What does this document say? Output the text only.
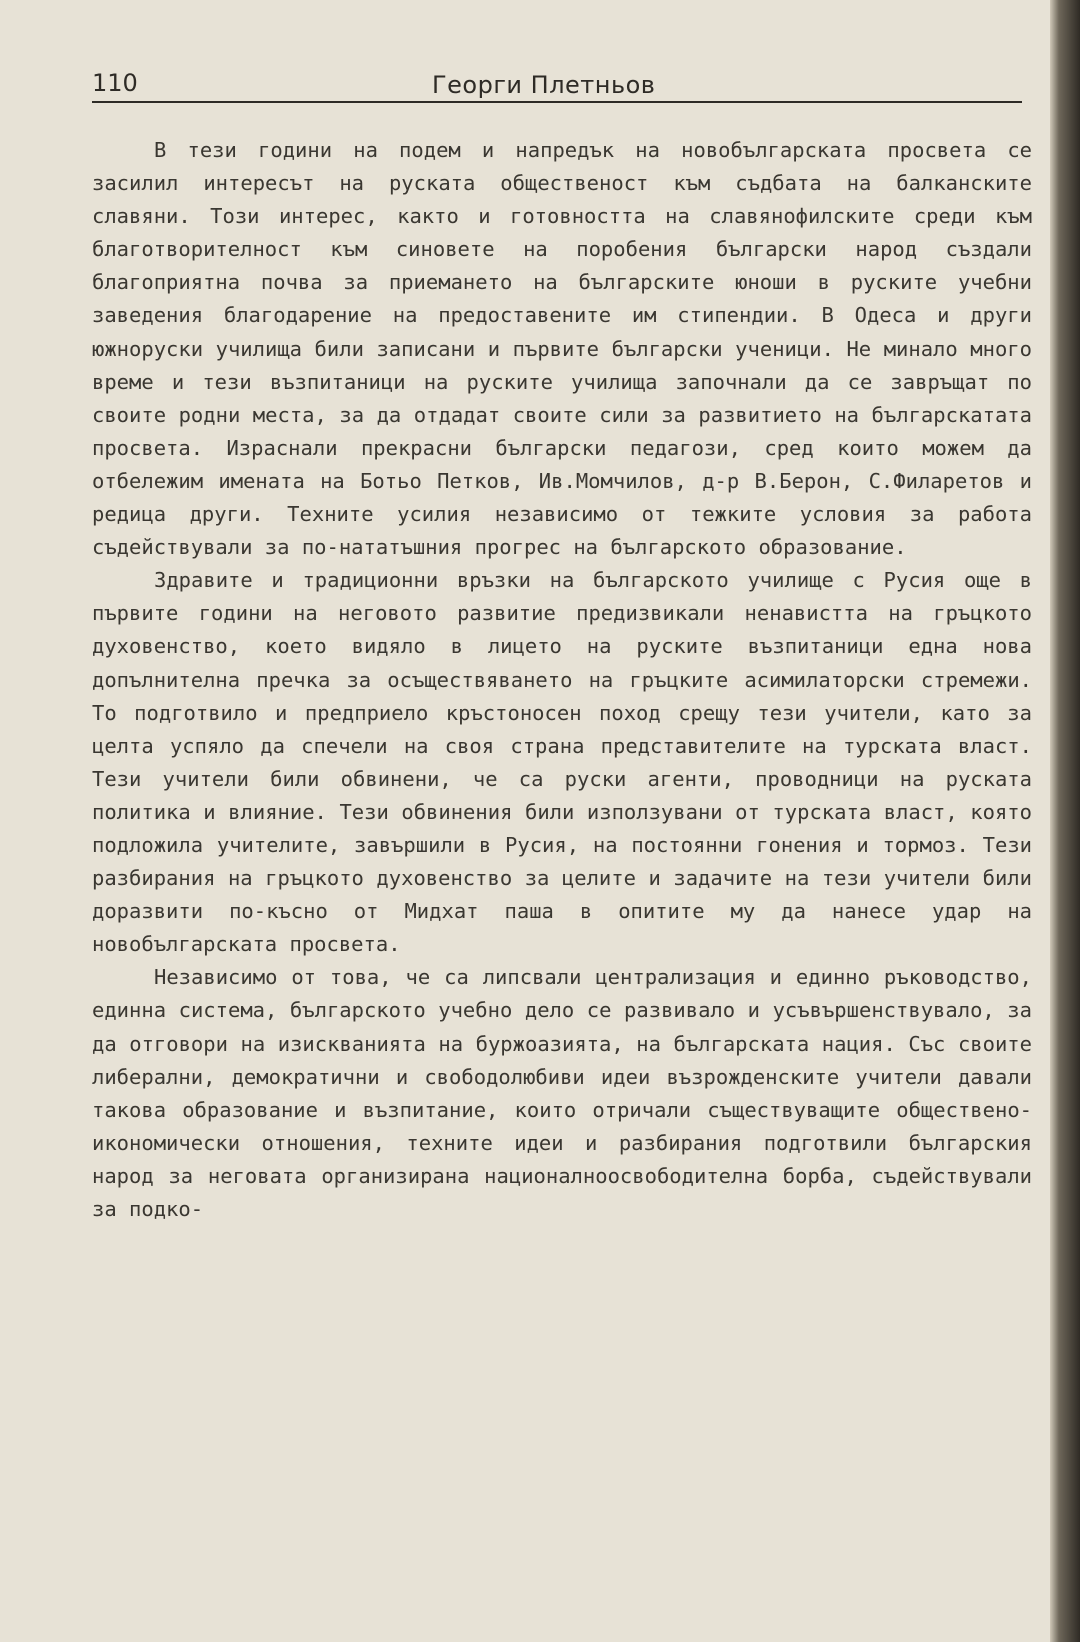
110	Георги Плетньов

В тези години на подем и напредък на новобългарската просвета се засилил интересът на руската общественост към съдбата на балканските славяни. Този интерес, както и готовността на славянофилските среди към благотворителност към синовете на поробения български народ създали благоприятна почва за приемането на българските юноши в руските учебни заведения благодарение на предоставените им стипендии. В Одеса и други южноруски училища били записани и първите български ученици. Не минало много време и тези възпитаници на руските училища започнали да се завръщат по своите родни места, за да отдадат своите сили за развитието на българскатата просвета. Израснали прекрасни български педагози, сред които можем да отбележим имената на Ботьо Петков, Ив.Момчилов, д-р В.Берон, С.Филаретов и редица други. Техните усилия независимо от тежките условия за работа съдействували за по-нататъшния прогрес на българското образование.

Здравите и традиционни връзки на българското училище с Русия още в първите години на неговото развитие предизвикали ненавистта на гръцкото духовенство, което видяло в лицето на руските възпитаници една нова допълнителна пречка за осъществяването на гръцките асимилаторски стремежи. То подготвило и предприело кръстоносен поход срещу тези учители, като за целта успяло да спечели на своя страна представителите на турската власт. Тези учители били обвинени, че са руски агенти, проводници на руската политика и влияние. Тези обвинения били използувани от турската власт, която подложила учителите, завършили в Русия, на постоянни гонения и тормоз. Тези разбирания на гръцкото духовенство за целите и задачите на тези учители били доразвити по-късно от Мидхат паша в опитите му да нанесе удар на новобългарската просвета.

Независимо от това, че са липсвали централизация и единно ръководство, единна система, българското учебно дело се развивало и усъвършенствувало, за да отговори на изискванията на буржоазията, на българската нация. Със своите либерални, демократични и свободолюбиви идеи възрожденските учители давали такова образование и възпитание, които отричали съществуващите обществено-икономически отношения, техните идеи и разбирания подготвили българския народ за неговата организирана националноосвободителна борба, съдействували за подко-
